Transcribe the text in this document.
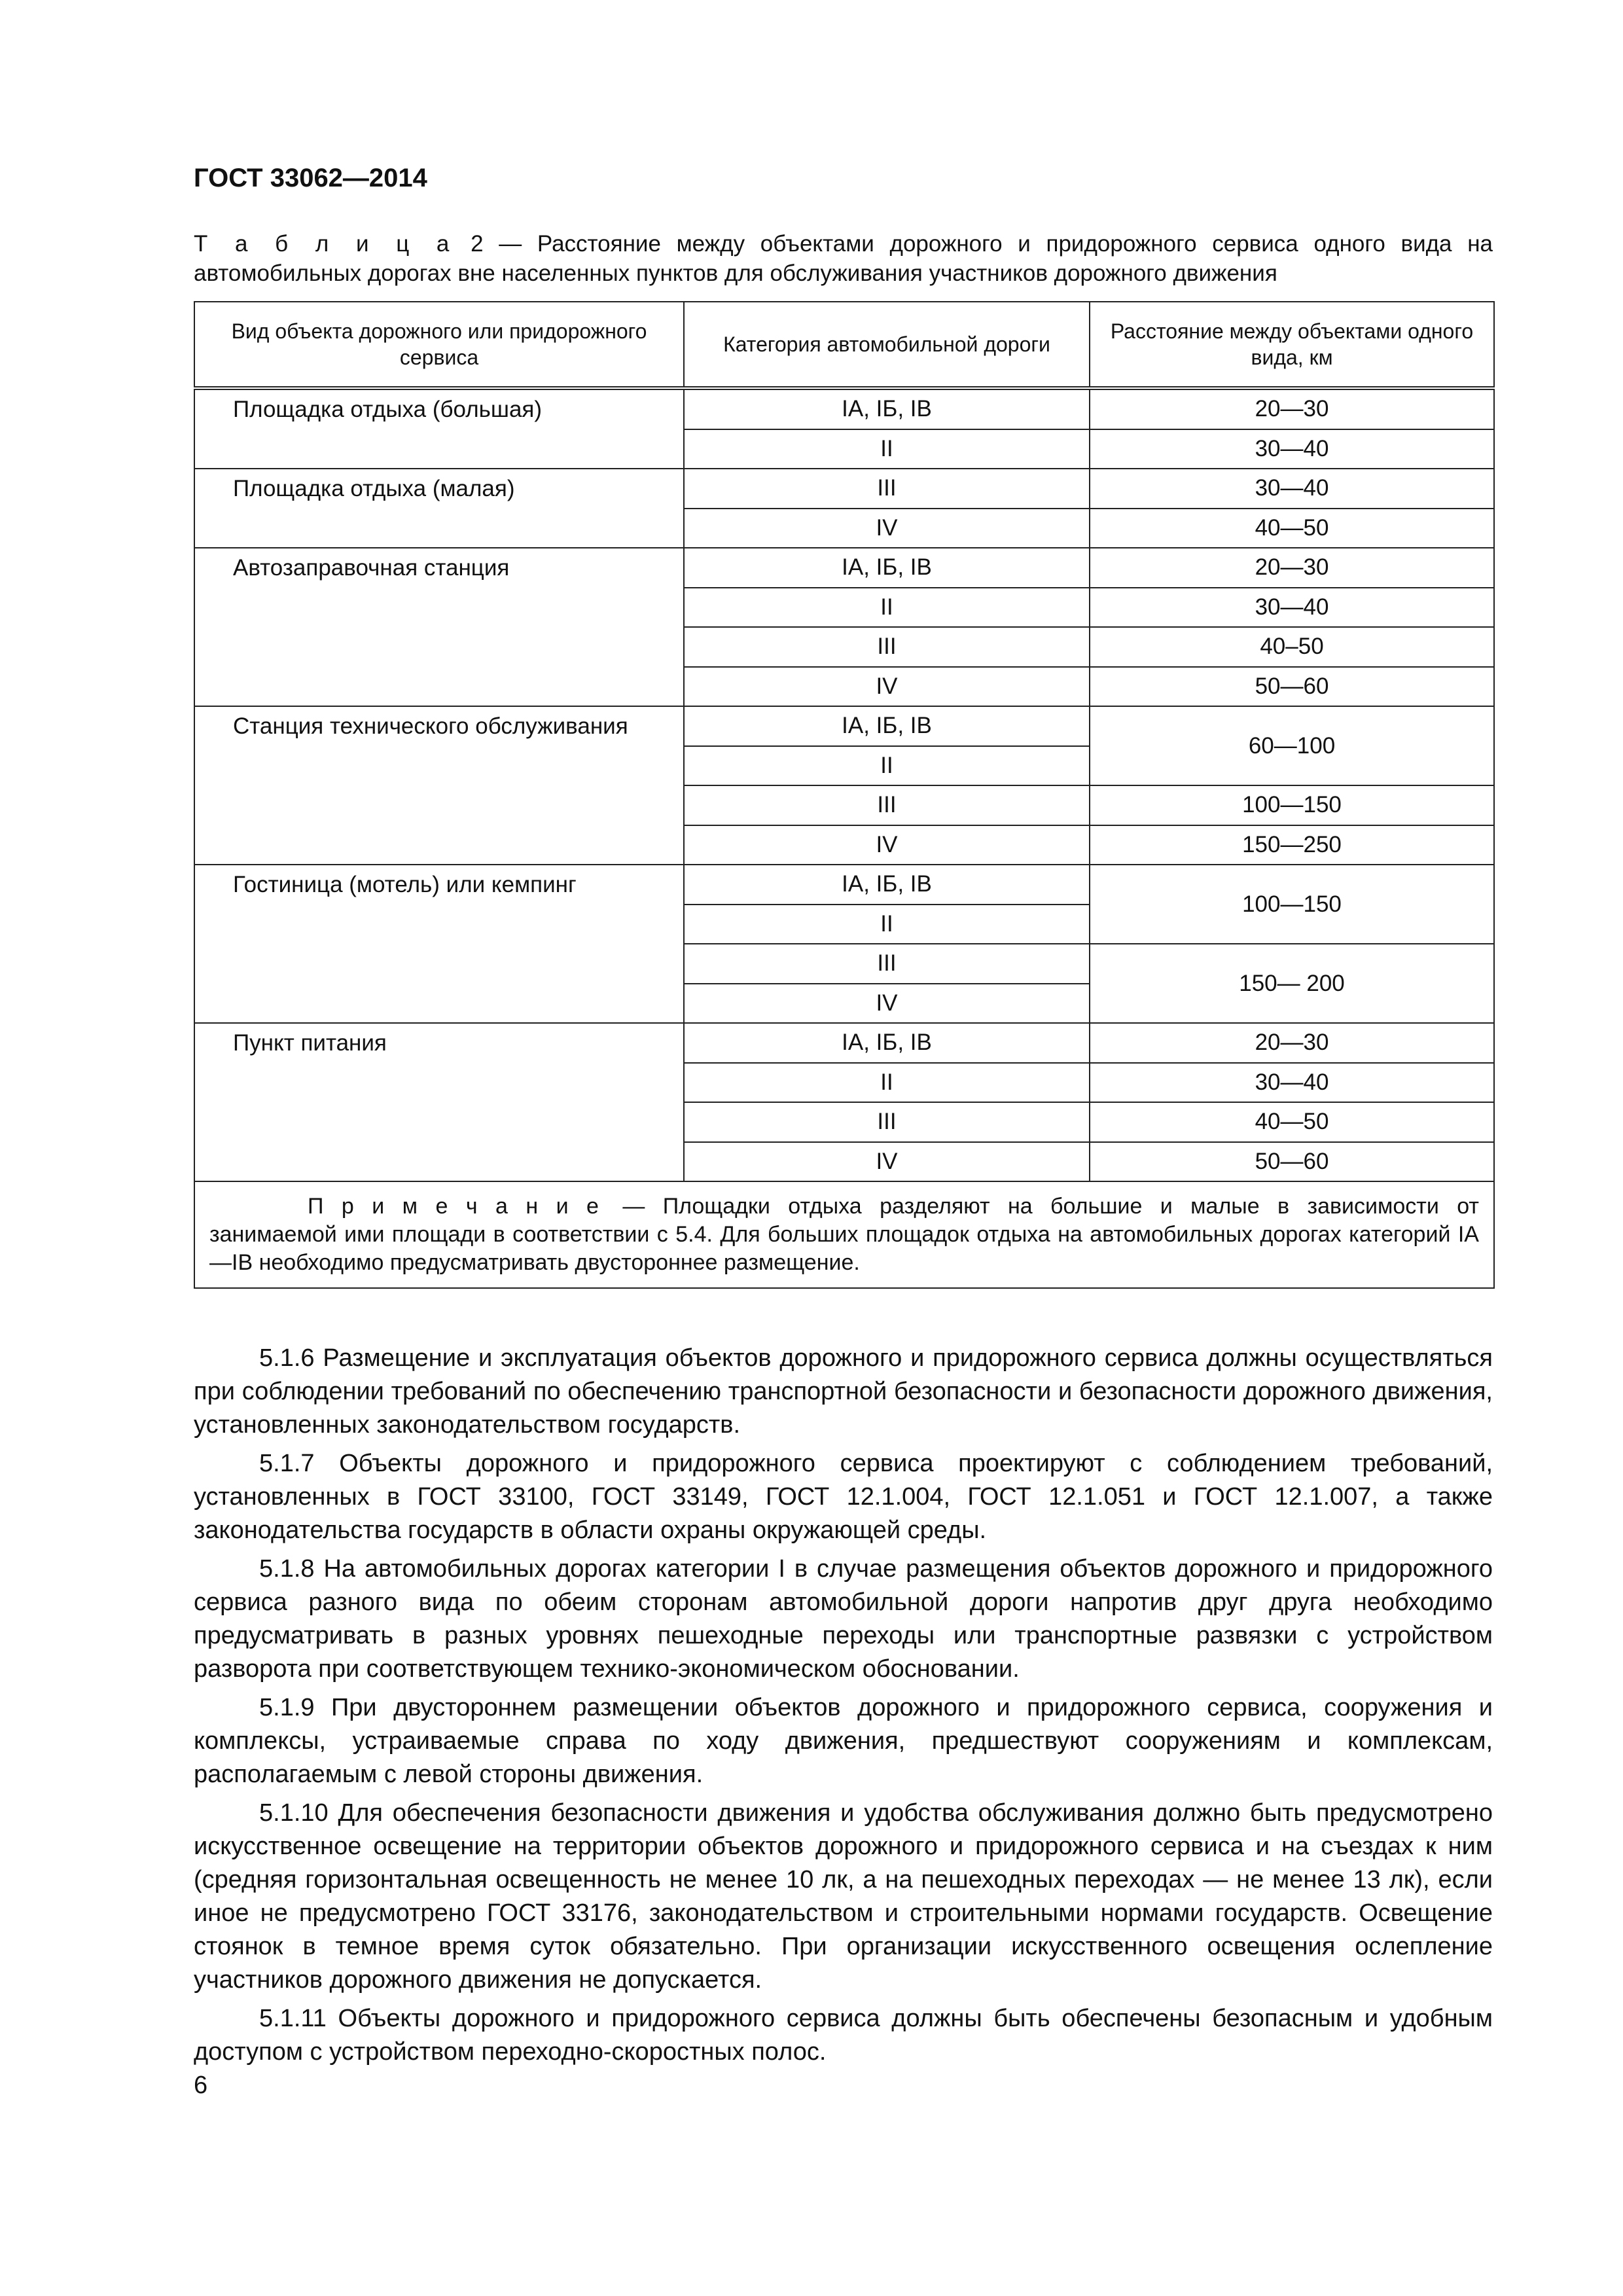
ГОСТ 33062—2014
Т а б л и ц а 2 — Расстояние между объектами дорожного и придорожного сервиса одного вида на автомобильных дорогах вне населенных пунктов для обслуживания участников дорожного движения
Вид объекта дорожного или придорожного сервиса	Категория автомобильной дороги	Расстояние между объектами одного вида, км
Площадка отдыха (большая)	IA, IБ, IB	20—30
	II	30—40
Площадка отдыха (малая)	III	30—40
	IV	40—50
Автозаправочная станция	IA, IБ, IB	20—30
	II	30—40
	III	40–50
	IV	50—60
Станция технического обслуживания	IA, IБ, IB	60—100
	II	
	III	100—150
	IV	150—250
Гостиница (мотель) или кемпинг	IA, IБ, IB	100—150
	II	
	III	150— 200
	IV	
Пункт питания	IA, IБ, IB	20—30
	II	30—40
	III	40—50
	IV	50—60
П р и м е ч а н и е — Площадки отдыха разделяют на большие и малые в зависимости от занимаемой ими площади в соответствии с 5.4. Для больших площадок отдыха на автомобильных дорогах категорий IA—IB необходимо предусматривать двустороннее размещение.		

5.1.6 Размещение и эксплуатация объектов дорожного и придорожного сервиса должны осуществляться при соблюдении требований по обеспечению транспортной безопасности и безопасности дорожного движения, установленных законодательством государств.

5.1.7 Объекты дорожного и придорожного сервиса проектируют с соблюдением требований, установленных в ГОСТ 33100, ГОСТ 33149, ГОСТ 12.1.004, ГОСТ 12.1.051 и ГОСТ 12.1.007, а также законодательства государств в области охраны окружающей среды.

5.1.8 На автомобильных дорогах категории I в случае размещения объектов дорожного и придорожного сервиса разного вида по обеим сторонам автомобильной дороги напротив друг друга необходимо предусматривать в разных уровнях пешеходные переходы или транспортные развязки с устройством разворота при соответствующем технико-экономическом обосновании.

5.1.9 При двустороннем размещении объектов дорожного и придорожного сервиса, сооружения и комплексы, устраиваемые справа по ходу движения, предшествуют сооружениям и комплексам, располагаемым с левой стороны движения.

5.1.10 Для обеспечения безопасности движения и удобства обслуживания должно быть предусмотрено искусственное освещение на территории объектов дорожного и придорожного сервиса и на съездах к ним (средняя горизонтальная освещенность не менее 10 лк, а на пешеходных переходах — не менее 13 лк), если иное не предусмотрено ГОСТ 33176, законодательством и строительными нормами государств. Освещение стоянок в темное время суток обязательно. При организации искусственного освещения ослепление участников дорожного движения не допускается.

5.1.11 Объекты дорожного и придорожного сервиса должны быть обеспечены безопасным и удобным доступом с устройством переходно-скоростных полос.

6
